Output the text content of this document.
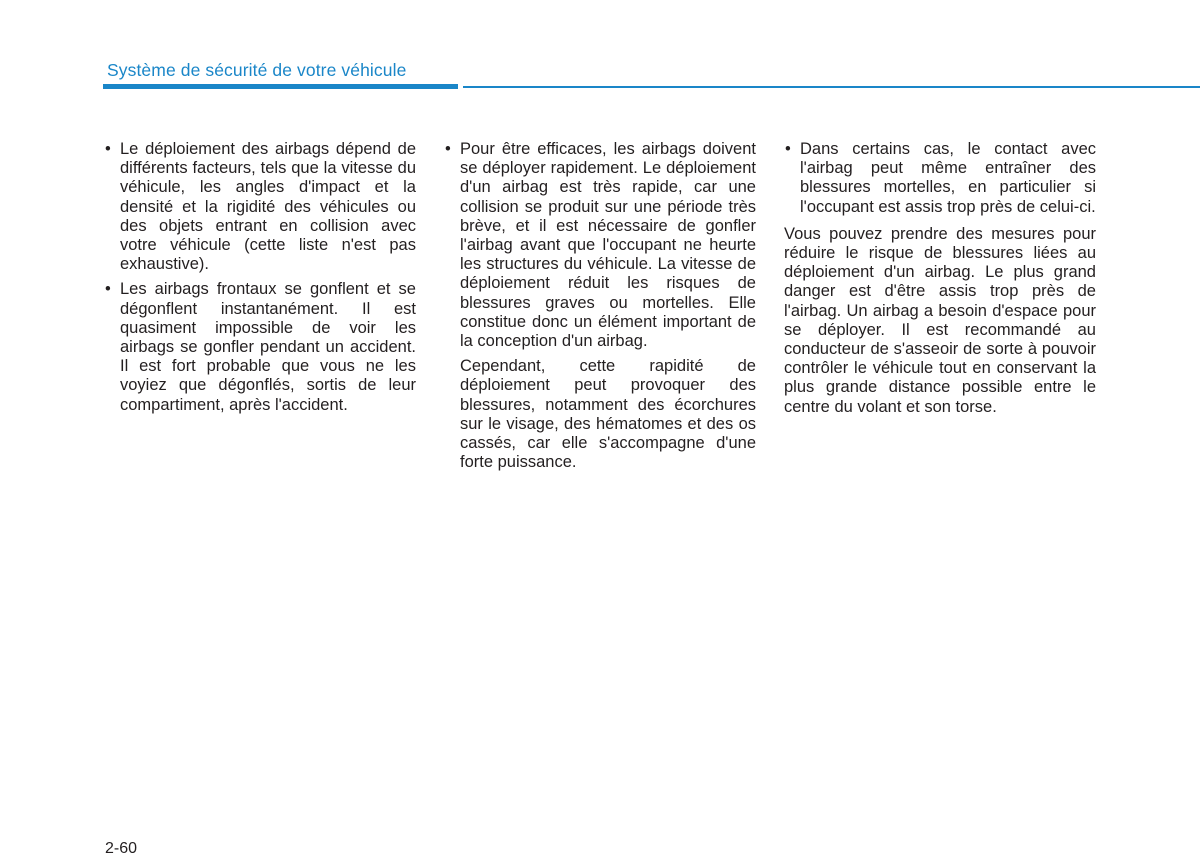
Système de sécurité de votre véhicule
• Le déploiement des airbags dépend de différents facteurs, tels que la vitesse du véhicule, les angles d'impact et la densité et la rigidité des véhicules ou des objets entrant en collision avec votre véhicule (cette liste n'est pas exhaustive).
• Les airbags frontaux se gonflent et se dégonflent instantanément. Il est quasiment impossible de voir les airbags se gonfler pendant un accident. Il est fort probable que vous ne les voyiez que dégonflés, sortis de leur compartiment, après l'accident.
• Pour être efficaces, les airbags doivent se déployer rapidement. Le déploiement d'un airbag est très rapide, car une collision se produit sur une période très brève, et il est nécessaire de gonfler l'airbag avant que l'occupant ne heurte les structures du véhicule. La vitesse de déploiement réduit les risques de blessures graves ou mortelles. Elle constitue donc un élément important de la conception d'un airbag.

Cependant, cette rapidité de déploiement peut provoquer des blessures, notamment des écorchures sur le visage, des hématomes et des os cassés, car elle s'accompagne d'une forte puissance.

• Dans certains cas, le contact avec l'airbag peut même entraîner des blessures mortelles, en particulier si l'occupant est assis trop près de celui-ci.

Vous pouvez prendre des mesures pour réduire le risque de blessures liées au déploiement d'un airbag. Le plus grand danger est d'être assis trop près de l'airbag. Un airbag a besoin d'espace pour se déployer. Il est recommandé au conducteur de s'asseoir de sorte à pouvoir contrôler le véhicule tout en conservant la plus grande distance possible entre le centre du volant et son torse.

2-60
